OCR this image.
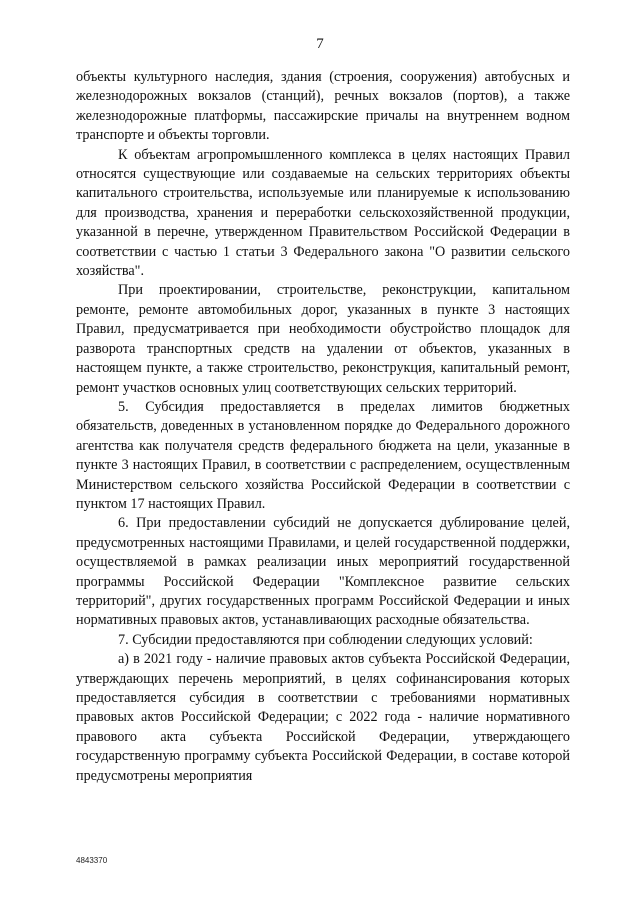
7

объекты культурного наследия, здания (строения, сооружения) автобусных и железнодорожных вокзалов (станций), речных вокзалов (портов), а также железнодорожные платформы, пассажирские причалы на внутреннем водном транспорте и объекты торговли.

К объектам агропромышленного комплекса в целях настоящих Правил относятся существующие или создаваемые на сельских территориях объекты капитального строительства, используемые или планируемые к использованию для производства, хранения и переработки сельскохозяйственной продукции, указанной в перечне, утвержденном Правительством Российской Федерации в соответствии с частью 1 статьи 3 Федерального закона "О развитии сельского хозяйства".

При проектировании, строительстве, реконструкции, капитальном ремонте, ремонте автомобильных дорог, указанных в пункте 3 настоящих Правил, предусматривается при необходимости обустройство площадок для разворота транспортных средств на удалении от объектов, указанных в настоящем пункте, а также строительство, реконструкция, капитальный ремонт, ремонт участков основных улиц соответствующих сельских территорий.

5. Субсидия предоставляется в пределах лимитов бюджетных обязательств, доведенных в установленном порядке до Федерального дорожного агентства как получателя средств федерального бюджета на цели, указанные в пункте 3 настоящих Правил, в соответствии с распределением, осуществленным Министерством сельского хозяйства Российской Федерации в соответствии с пунктом 17 настоящих Правил.

6. При предоставлении субсидий не допускается дублирование целей, предусмотренных настоящими Правилами, и целей государственной поддержки, осуществляемой в рамках реализации иных мероприятий государственной программы Российской Федерации "Комплексное развитие сельских территорий", других государственных программ Российской Федерации и иных нормативных правовых актов, устанавливающих расходные обязательства.

7. Субсидии предоставляются при соблюдении следующих условий:

а) в 2021 году - наличие правовых актов субъекта Российской Федерации, утверждающих перечень мероприятий, в целях софинансирования которых предоставляется субсидия в соответствии с требованиями нормативных правовых актов Российской Федерации; с 2022 года - наличие нормативного правового акта субъекта Российской Федерации, утверждающего государственную программу субъекта Российской Федерации, в составе которой предусмотрены мероприятия

4843370
